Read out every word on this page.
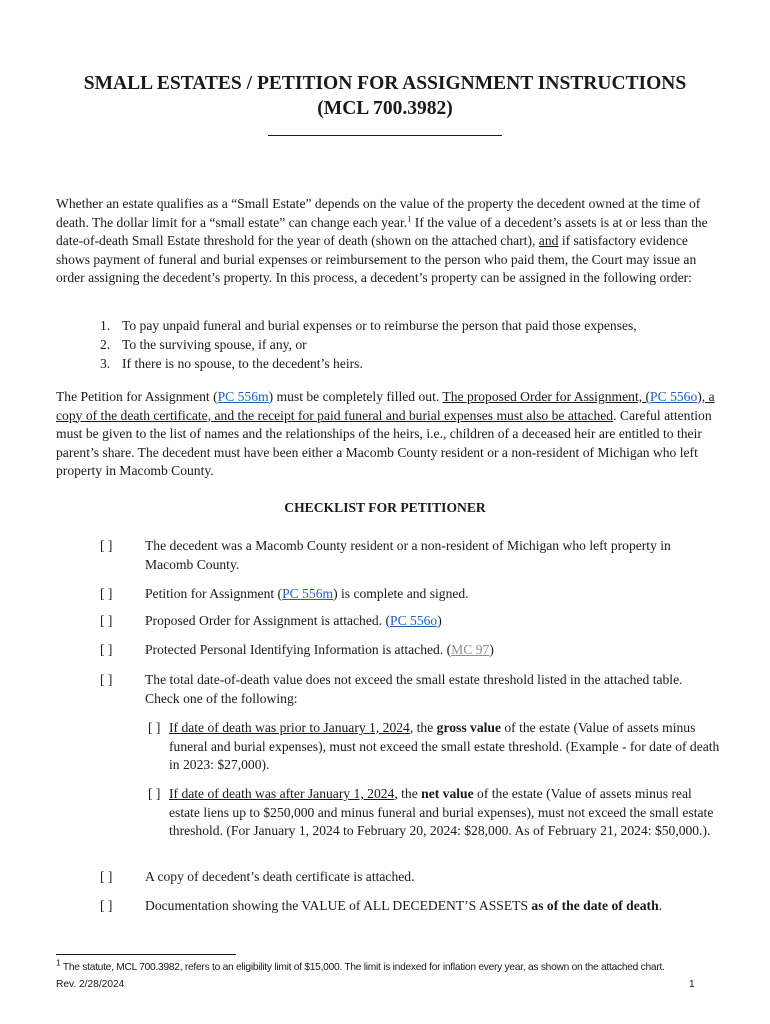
SMALL ESTATES / PETITION FOR ASSIGNMENT INSTRUCTIONS
(MCL 700.3982)
Whether an estate qualifies as a “Small Estate” depends on the value of the property the decedent owned at the time of death. The dollar limit for a “small estate” can change each year.$^1$ If the value of a decedent’s assets is at or less than the date-of-death Small Estate threshold for the year of death (shown on the attached chart), and if satisfactory evidence shows payment of funeral and burial expenses or reimbursement to the person who paid them, the Court may issue an order assigning the decedent’s property. In this process, a decedent’s property can be assigned in the following order:
1. To pay unpaid funeral and burial expenses or to reimburse the person that paid those expenses,
2. To the surviving spouse, if any, or
3. If there is no spouse, to the decedent’s heirs.
The Petition for Assignment (PC 556m) must be completely filled out. The proposed Order for Assignment, (PC 556o), a copy of the death certificate, and the receipt for paid funeral and burial expenses must also be attached. Careful attention must be given to the list of names and the relationships of the heirs, i.e., children of a deceased heir are entitled to their parent’s share. The decedent must have been either a Macomb County resident or a non-resident of Michigan who left property in Macomb County.
CHECKLIST FOR PETITIONER
[ ] The decedent was a Macomb County resident or a non-resident of Michigan who left property in Macomb County.
[ ] Petition for Assignment (PC 556m) is complete and signed.
[ ] Proposed Order for Assignment is attached. (PC 556o)
[ ] Protected Personal Identifying Information is attached. (MC 97)
[ ] The total date-of-death value does not exceed the small estate threshold listed in the attached table. Check one of the following:
[ ] If date of death was prior to January 1, 2024, the gross value of the estate (Value of assets minus funeral and burial expenses), must not exceed the small estate threshold. (Example - for date of death in 2023: $27,000).
[ ] If date of death was after January 1, 2024, the net value of the estate (Value of assets minus real estate liens up to $250,000 and minus funeral and burial expenses), must not exceed the small estate threshold. (For January 1, 2024 to February 20, 2024: $28,000. As of February 21, 2024: $50,000.).
[ ] A copy of decedent’s death certificate is attached.
[ ] Documentation showing the VALUE of ALL DECEDENT’S ASSETS as of the date of death.
$^1$ The statute, MCL 700.3982, refers to an eligibility limit of $15,000. The limit is indexed for inflation every year, as shown on the attached chart.
Rev. 2/28/2024	1
